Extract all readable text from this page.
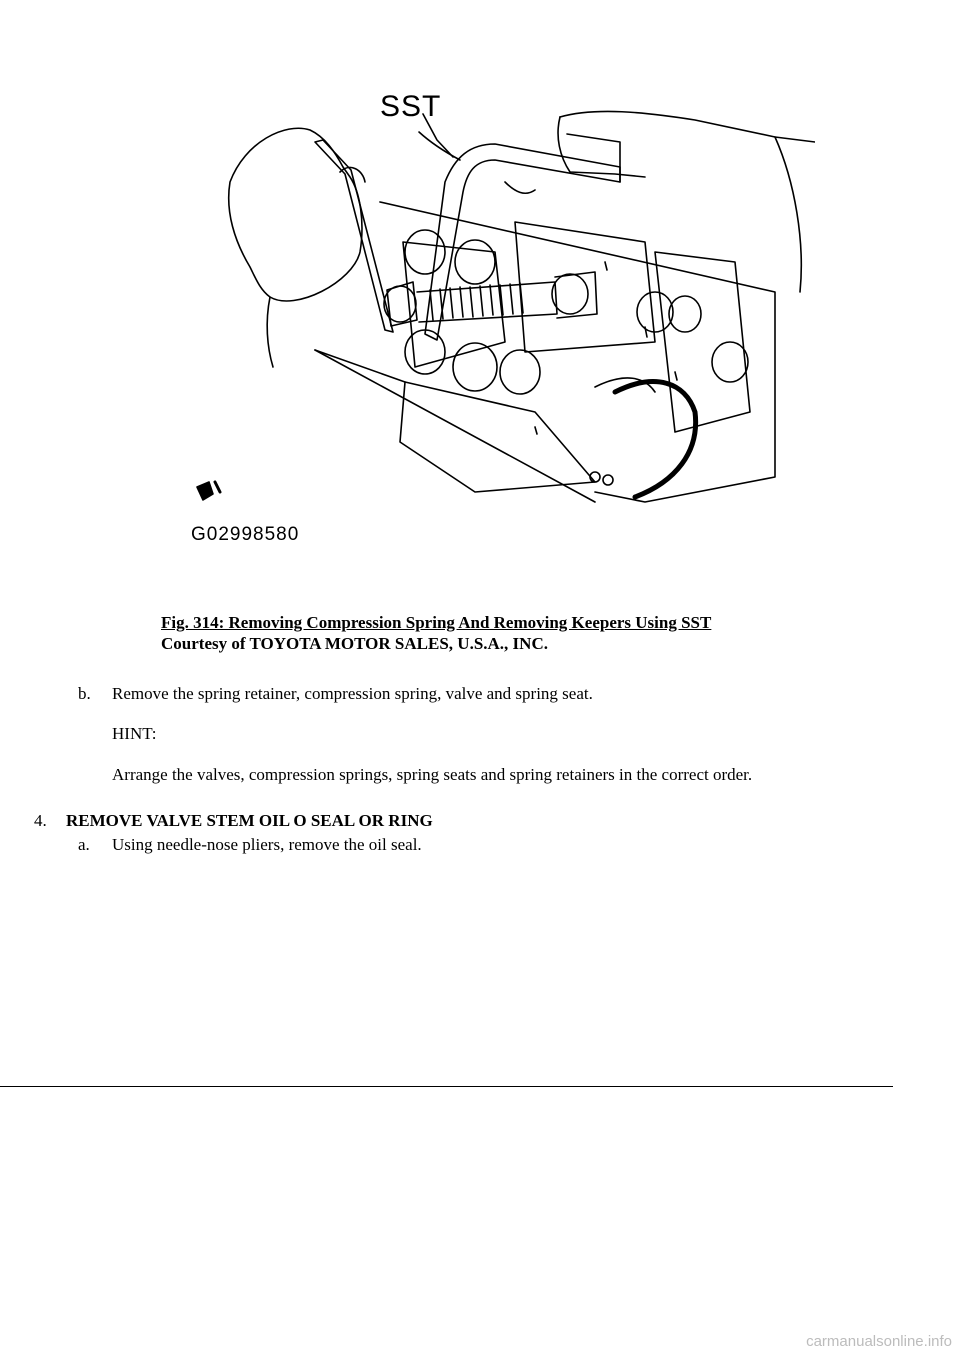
SST
G02998580
Fig. 314: Removing Compression Spring And Removing Keepers Using SST
Courtesy of TOYOTA MOTOR SALES, U.S.A., INC.
b. Remove the spring retainer, compression spring, valve and spring seat.
HINT:
Arrange the valves, compression springs, spring seats and spring retainers in the correct order.
4. REMOVE VALVE STEM OIL O SEAL OR RING
a. Using needle-nose pliers, remove the oil seal.
carmanualsonline.info
